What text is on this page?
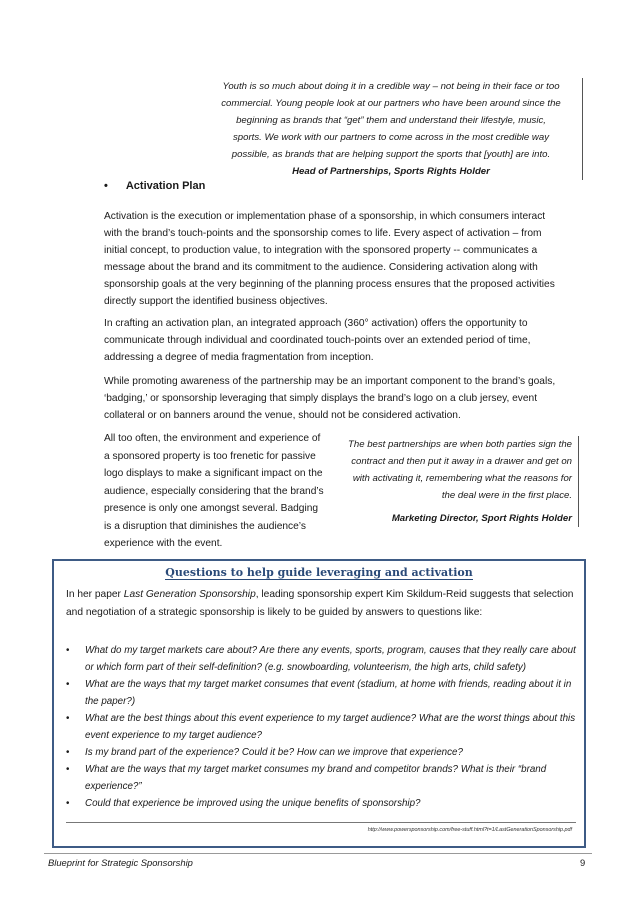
Youth is so much about doing it in a credible way – not being in their face or too
commercial. Young people look at our partners who have been around since the
beginning as brands that “get” them and understand their lifestyle, music,
sports. We work with our partners to come across in the most credible way
possible, as brands that are helping support the sports that [youth] are into.
Head of Partnerships, Sports Rights Holder
• Activation Plan
Activation is the execution or implementation phase of a sponsorship, in which consumers interact with the brand’s touch-points and the sponsorship comes to life. Every aspect of activation – from initial concept, to production value, to integration with the sponsored property -- communicates a message about the brand and its commitment to the audience. Considering activation along with sponsorship goals at the very beginning of the planning process ensures that the proposed activities directly support the identified business objectives.
In crafting an activation plan, an integrated approach (360° activation) offers the opportunity to communicate through individual and coordinated touch-points over an extended period of time, addressing a degree of media fragmentation from inception.
While promoting awareness of the partnership may be an important component to the brand’s goals, ‘badging,’ or sponsorship leveraging that simply displays the brand’s logo on a club jersey, event collateral or on banners around the venue, should not be considered activation.
All too often, the environment and experience of a sponsored property is too frenetic for passive logo displays to make a significant impact on the audience, especially considering that the brand’s presence is only one amongst several. Badging is a disruption that diminishes the audience’s experience with the event.
The best partnerships are when both parties sign the
contract and then put it away in a drawer and get on
with activating it, remembering what the reasons for
the deal were in the first place.
Marketing Director, Sport Rights Holder
Questions to help guide leveraging and activation
In her paper Last Generation Sponsorship, leading sponsorship expert Kim Skildum-Reid suggests that selection and negotiation of a strategic sponsorship is likely to be guided by answers to questions like:
• What do my target markets care about? Are there any events, sports, program, causes that they really care about or which form part of their self-definition? (e.g. snowboarding, volunteerism, the high arts, child safety)
• What are the ways that my target market consumes that event (stadium, at home with friends, reading about it in the paper?)
• What are the best things about this event experience to my target audience? What are the worst things about this event experience to my target audience?
• Is my brand part of the experience? Could it be? How can we improve that experience?
• What are the ways that my target market consumes my brand and competitor brands? What is their “brand experience?”
• Could that experience be improved using the unique benefits of sponsorship?
http://www.powersponsorship.com/free-stuff.html?t=1/LastGenerationSponsorship.pdf
Blueprint for Strategic Sponsorship	9
